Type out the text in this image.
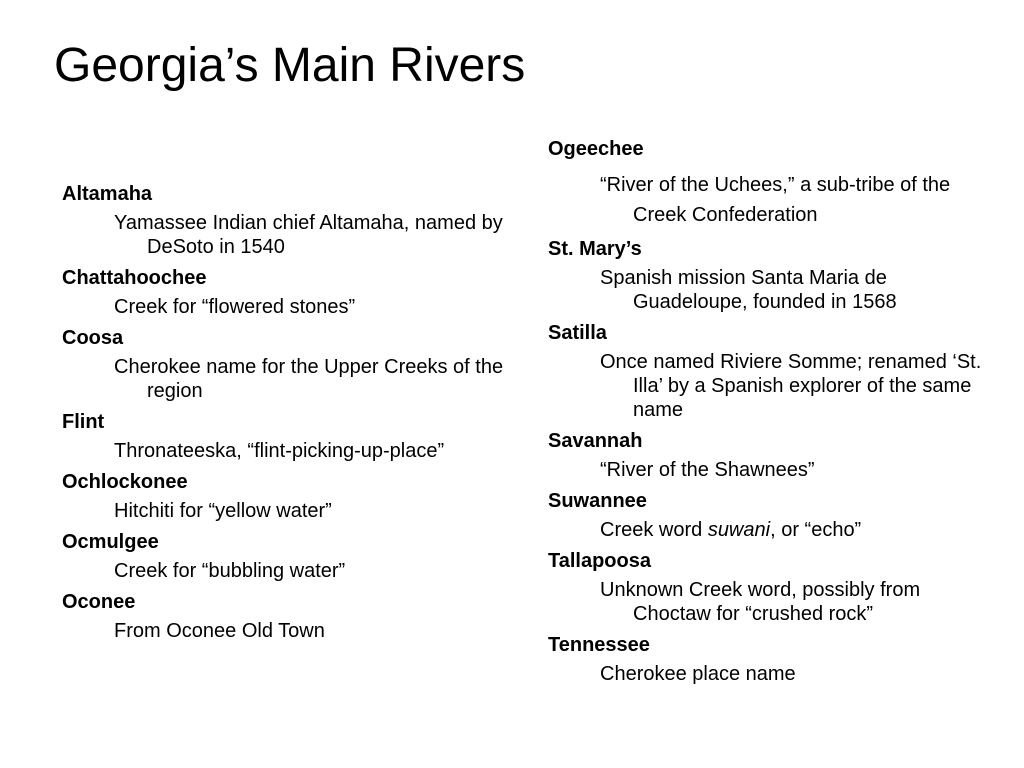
Georgia’s Main Rivers
Altamaha

Yamassee Indian chief Altamaha, named by DeSoto in 1540

Chattahoochee

Creek for “flowered stones”

Coosa

Cherokee name for the Upper Creeks of the region

Flint

Thronateeska, “flint-picking-up-place”

Ochlockonee

Hitchiti for “yellow water”

Ocmulgee

Creek for “bubbling water”

Oconee

From Oconee Old Town

Ogeechee

“River of the Uchees,” a sub-tribe of the Creek Confederation

St. Mary’s

Spanish mission Santa Maria de Guadeloupe, founded in 1568

Satilla

Once named Riviere Somme; renamed ‘St. Illa’ by a Spanish explorer of the same name

Savannah

“River of the Shawnees”

Suwannee

Creek word suwani, or “echo”

Tallapoosa

Unknown Creek word, possibly from Choctaw for “crushed rock”

Tennessee

Cherokee place name
